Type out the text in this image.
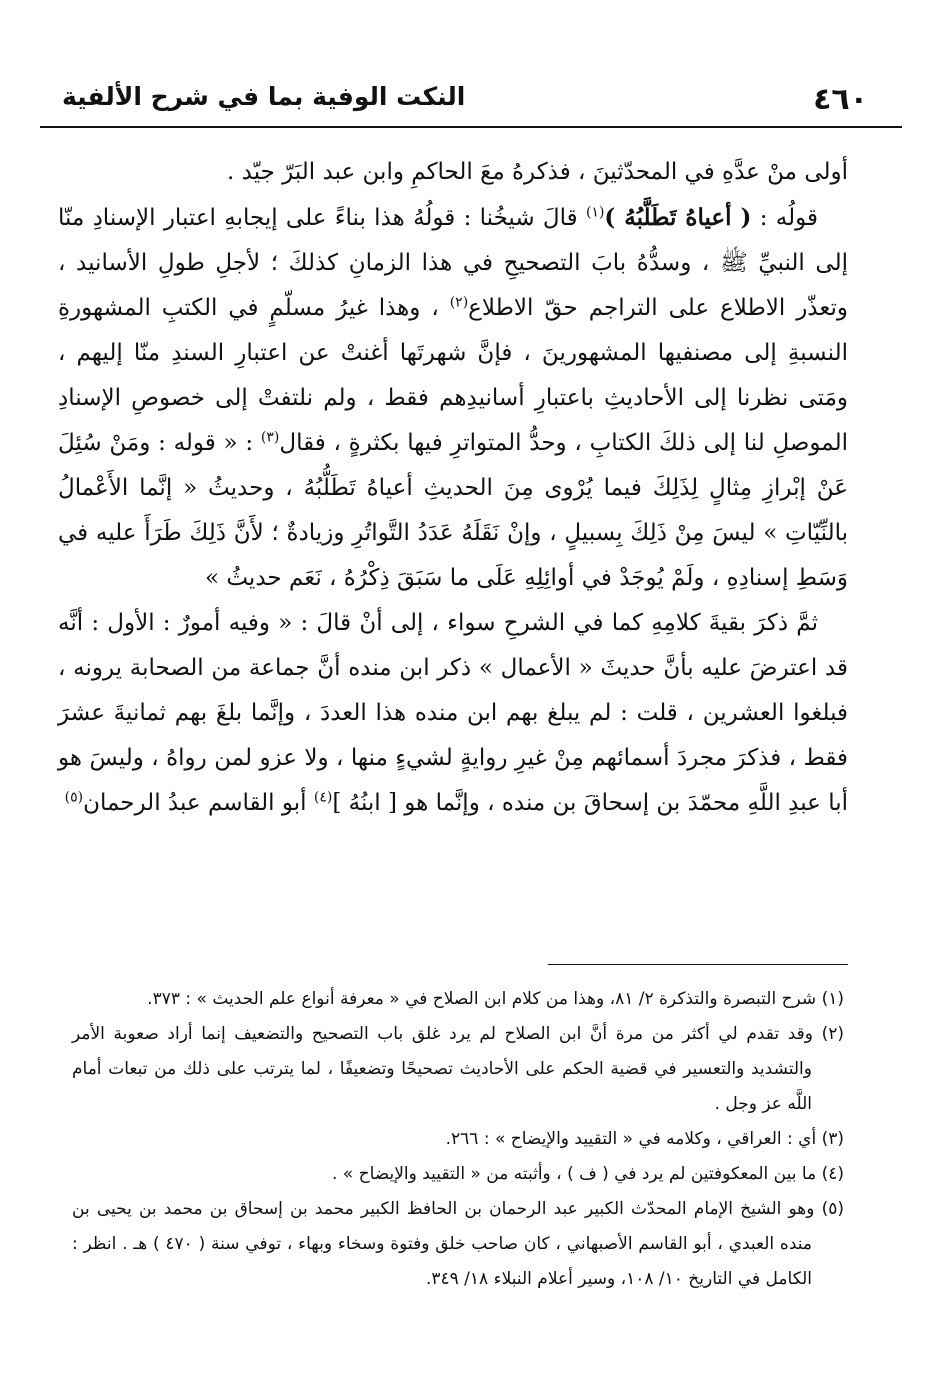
٤٦٠
النكت الوفية بما في شرح الألفية

أولى منْ عدَّهِ في المحدّثينَ ، فذكرهُ معَ الحاكمِ وابن عبد البَرّ جيّد .

قولُه : ( أعياهُ تَطَلَّبُهُ )$^{(١)}$ قالَ شيخُنا : قولُهُ هذا بناءً على إيجابهِ اعتبار الإسنادِ منّا إلى النبيِّ ﷺ ، وسدُّهُ بابَ التصحيحِ في هذا الزمانِ كذلكَ ؛ لأجلِ طولِ الأسانيد ، وتعذّر الاطلاع على التراجم حقّ الاطلاع$^{(٢)}$ ، وهذا غيرُ مسلّمٍ في الكتبِ المشهورةِ النسبةِ إلى مصنفيها المشهورينَ ، فإنَّ شهرتَها أغنتْ عن اعتبارِ السندِ منّا إليهم ، ومَتى نظرنا إلى الأحاديثِ باعتبارِ أسانيدِهم فقط ، ولم نلتفتْ إلى خصوصِ الإسنادِ الموصلِ لنا إلى ذلكَ الكتابِ ، وحدُّ المتواترِ فيها بكثرةٍ ، فقال$^{(٣)}$ : « قوله : ومَنْ سُئِلَ عَنْ إبْرازِ مِثالٍ لِذَلِكَ فيما يُرْوى مِنَ الحديثِ أعياهُ تَطَلُّبُهُ ، وحديثُ « إنَّما الأَعْمالُ بالنِّيّاتِ » ليسَ مِنْ ذَلِكَ بِسبيلٍ ، وإنْ نَقَلَهُ عَدَدُ التَّواتُرِ وزيادةٌ ؛ لأَنَّ ذَلِكَ طَرَأَ عليه في وَسَطِ إسنادِهِ ، ولَمْ يُوجَدْ في أوائِلِهِ عَلَى ما سَبَقَ ذِكْرُهُ ، نَعَم حديثُ »

ثمَّ ذكرَ بقيةَ كلامِهِ كما في الشرحِ سواء ، إلى أنْ قالَ : « وفيه أمورٌ : الأول : أنَّه قد اعترضَ عليه بأنَّ حديثَ « الأعمال » ذكر ابن منده أنَّ جماعة من الصحابة يرونه ، فبلغوا العشرين ، قلت : لم يبلغ بهم ابن منده هذا العددَ ، وإنَّما بلغَ بهم ثمانيةَ عشرَ فقط ، فذكرَ مجردَ أسمائهم مِنْ غيرِ روايةٍ لشيءٍ منها ، ولا عزو لمن رواهُ ، وليسَ هو أبا عبدِ اللَّهِ محمّدَ بن إسحاقَ بن منده ، وإنَّما هو [ ابنُهُ ]$^{(٤)}$ أبو القاسم عبدُ الرحمان$^{(٥)}$

(١) شرح التبصرة والتذكرة ٢/ ٨١، وهذا من كلام ابن الصلاح في « معرفة أنواع علم الحديث » : ٣٧٣.

(٢) وقد تقدم لي أكثر من مرة أنَّ ابن الصلاح لم يرد غلق باب التصحيح والتضعيف إنما أراد صعوبة الأمر والتشديد والتعسير في قضية الحكم على الأحاديث تصحيحًا وتضعيفًا ، لما يترتب على ذلك من تبعات أمام اللَّه عز وجل .

(٣) أي : العراقي ، وكلامه في « التقييد والإيضاح » : ٢٦٦.

(٤) ما بين المعكوفتين لم يرد في ( ف ) ، وأثبته من « التقييد والإيضاح » .

(٥) وهو الشيخ الإمام المحدّث الكبير عبد الرحمان بن الحافظ الكبير محمد بن إسحاق بن محمد بن يحيى بن منده العبدي ، أبو القاسم الأصبهاني ، كان صاحب خلق وفتوة وسخاء وبهاء ، توفي سنة ( ٤٧٠ ) هـ . انظر : الكامل في التاريخ ١٠/ ١٠٨، وسير أعلام النبلاء ١٨/ ٣٤٩.
